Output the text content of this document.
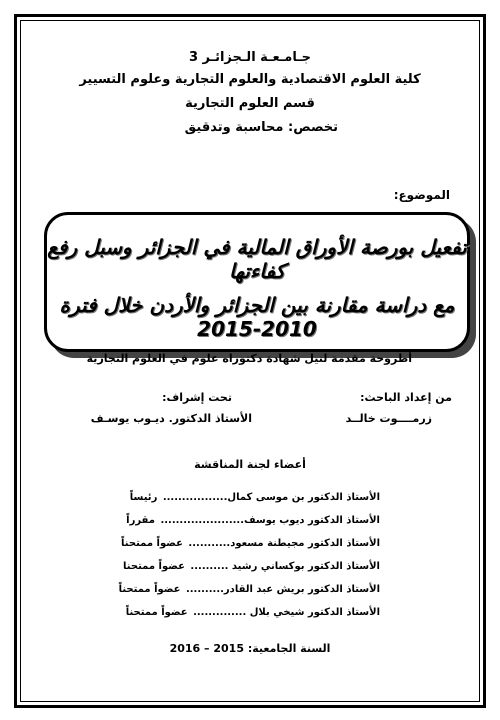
جـامـعـة الـجزائـر 3
كلية العلوم الاقتصادية والعلوم التجارية وعلوم التسيير
قسم العلوم التجارية
تخصص: محاسبة وتدقيق
الموضوع:
تفعيل بورصة الأوراق المالية في الجزائر وسبل رفع كفاءتها
مع دراسة مقارنة بين الجزائر والأردن خلال فترة 2010-2015
أطروحة مقدمة لنيل شهادة دكتوراه علوم في العلوم التجارية
من إعداد الباحث:
زرمــــوت خالــد
تحت إشراف:
الأستاذ الدكتور. ديـوب يوسـف
أعضاء لجنة المناقشة
الأستاذ الدكتور بن موسى كمال................. رئيساً
الأستاذ الدكتور ديوب يوسف...................... مقرراً
الأستاذ الدكتور مجيطنة مسعود........... عضواً ممتحناً
الأستاذ الدكتور بوكساني رشيد .......... عضواً ممتحنا
الأستاذ الدكتور بريش عبد القادر.......... عضواً ممتحناً
الأستاذ الدكتور شيخي بلال .............. عضواً ممتحناً
السنة الجامعية: 2015 – 2016
